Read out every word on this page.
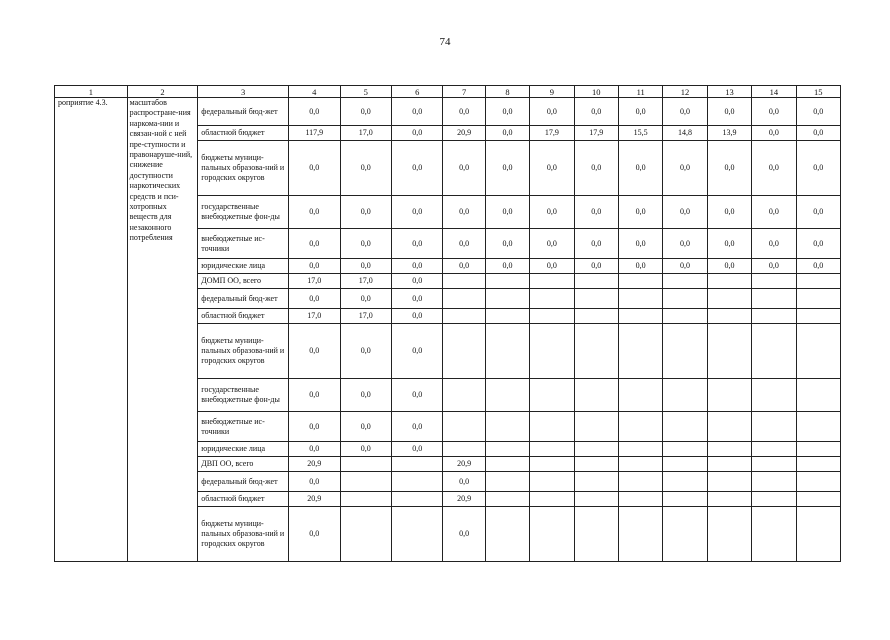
74
1	2	3	4	5	6	7	8	9	10	11	12	13	14	15
роприятие 4.3.	масштабов распростране-ния наркома-нии и связан-ной с ней пре-ступности и правонаруше-ний, снижение доступности наркотических средств и пси-хотропных веществ для незаконного потребления	федеральный бюд-жет	0,0	0,0	0,0	0,0	0,0	0,0	0,0	0,0	0,0	0,0	0,0	0,0
		областной бюджет	117,9	17,0	0,0	20,9	0,0	17,9	17,9	15,5	14,8	13,9	0,0	0,0
		бюджеты муници-пальных образова-ний и городских округов	0,0	0,0	0,0	0,0	0,0	0,0	0,0	0,0	0,0	0,0	0,0	0,0
		государственные внебюджетные фон-ды	0,0	0,0	0,0	0,0	0,0	0,0	0,0	0,0	0,0	0,0	0,0	0,0
		внебюджетные ис-точники	0,0	0,0	0,0	0,0	0,0	0,0	0,0	0,0	0,0	0,0	0,0	0,0
		юридические лица	0,0	0,0	0,0	0,0	0,0	0,0	0,0	0,0	0,0	0,0	0,0	0,0
		ДОМП ОО, всего	17,0	17,0	0,0									
		федеральный бюд-жет	0,0	0,0	0,0									
		областной бюджет	17,0	17,0	0,0									
		бюджеты муници-пальных образова-ний и городских округов	0,0	0,0	0,0									
		государственные внебюджетные фон-ды	0,0	0,0	0,0									
		внебюджетные ис-точники	0,0	0,0	0,0									
		юридические лица	0,0	0,0	0,0									
		ДВП ОО, всего	20,9			20,9								
		федеральный бюд-жет	0,0			0,0								
		областной бюджет	20,9			20,9								
		бюджеты муници-пальных образова-ний и городских округов	0,0			0,0								
